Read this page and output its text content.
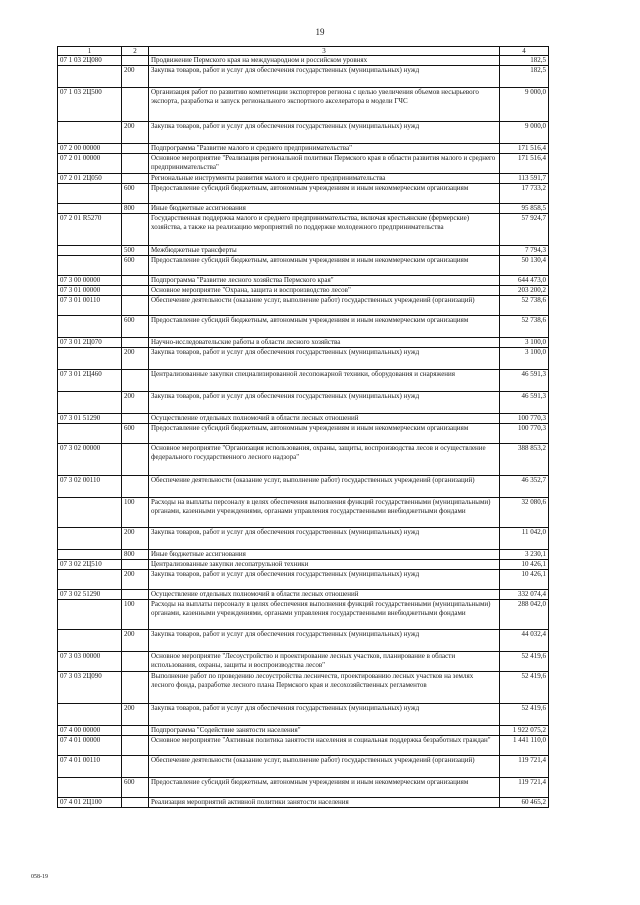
19
1	2	3	4
07 1 03 2Ц080		Продвижение Пермского края на международном и российском уровнях	182,5
	200	Закупка товаров, работ и услуг для обеспечения государственных (муниципальных) нужд	182,5
07 1 03 2Ц500		Организация работ по развитию компетенции экспортеров региона с целью увеличения объемов несырьевого экспорта, разработка и запуск регионального экспортного акселератора в модели ГЧС	9 000,0
	200	Закупка товаров, работ и услуг для обеспечения государственных (муниципальных) нужд	9 000,0
07 2 00 00000		Подпрограмма "Развитие малого и среднего предпринимательства"	171 516,4
07 2 01 00000		Основное мероприятие "Реализация региональной политики Пермского края в области развития малого и среднего предпринимательства"	171 516,4
07 2 01 2Ц050		Региональные инструменты развития малого и среднего предпринимательства	113 591,7
	600	Предоставление субсидий бюджетным, автономным учреждениям и иным некоммерческим организациям	17 733,2
	800	Иные бюджетные ассигнования	95 858,5
07 2 01 R5270		Государственная поддержка малого и среднего предпринимательства, включая крестьянские (фермерские) хозяйства, а также на реализацию мероприятий по поддержке молодежного предпринимательства	57 924,7
	500	Межбюджетные трансферты	7 794,3
	600	Предоставление субсидий бюджетным, автономным учреждениям и иным некоммерческим организациям	50 130,4
07 3 00 00000		Подпрограмма "Развитие лесного хозяйства Пермского края"	644 473,0
07 3 01 00000		Основное мероприятие "Охрана, защита и воспроизводство лесов"	203 200,2
07 3 01 00110		Обеспечение деятельности (оказание услуг, выполнение работ) государственных учреждений (организаций)	52 738,6
	600	Предоставление субсидий бюджетным, автономным учреждениям и иным некоммерческим организациям	52 738,6
07 3 01 2Ц070		Научно-исследовательские работы в области лесного хозяйства	3 100,0
	200	Закупка товаров, работ и услуг для обеспечения государственных (муниципальных) нужд	3 100,0
07 3 01 2Ц460		Централизованные закупки специализированной лесопожарной техники, оборудования и снаряжения	46 591,3
	200	Закупка товаров, работ и услуг для обеспечения государственных (муниципальных) нужд	46 591,3
07 3 01 51290		Осуществление отдельных полномочий в области лесных отношений	100 770,3
	600	Предоставление субсидий бюджетным, автономным учреждениям и иным некоммерческим организациям	100 770,3
07 3 02 00000		Основное мероприятие "Организация использования, охраны, защиты, воспроизводства лесов и осуществление федерального государственного лесного надзора"	388 853,2
07 3 02 00110		Обеспечение деятельности (оказание услуг, выполнение работ) государственных учреждений (организаций)	46 352,7
	100	Расходы на выплаты персоналу в целях обеспечения выполнения функций государственными (муниципальными) органами, казенными учреждениями, органами управления государственными внебюджетными фондами	32 080,6
	200	Закупка товаров, работ и услуг для обеспечения государственных (муниципальных) нужд	11 042,0
	800	Иные бюджетные ассигнования	3 230,1
07 3 02 2Ц510		Централизованные закупки лесопатрульной техники	10 426,1
	200	Закупка товаров, работ и услуг для обеспечения государственных (муниципальных) нужд	10 426,1
07 3 02 51290		Осуществление отдельных полномочий в области лесных отношений	332 074,4
	100	Расходы на выплаты персоналу в целях обеспечения выполнения функций государственными (муниципальными) органами, казенными учреждениями, органами управления государственными внебюджетными фондами	288 042,0
	200	Закупка товаров, работ и услуг для обеспечения государственных (муниципальных) нужд	44 032,4
07 3 03 00000		Основное мероприятие "Лесоустройство и проектирование лесных участков, планирование в области использования, охраны, защиты и воспроизводства лесов"	52 419,6
07 3 03 2Ц090		Выполнение работ по проведению лесоустройства лесничеств, проектированию лесных участков на землях лесного фонда, разработке лесного плана Пермского края и лесохозяйственных регламентов	52 419,6
	200	Закупка товаров, работ и услуг для обеспечения государственных (муниципальных) нужд	52 419,6
07 4 00 00000		Подпрограмма "Содействие занятости населения"	1 922 075,2
07 4 01 00000		Основное мероприятие "Активная политика занятости населения и социальная поддержка безработных граждан"	1 441 110,0
07 4 01 00110		Обеспечение деятельности (оказание услуг, выполнение работ) государственных учреждений (организаций)	119 721,4
	600	Предоставление субсидий бюджетным, автономным учреждениям и иным некоммерческим организациям	119 721,4
07 4 01 2Ц100		Реализация мероприятий активной политики занятости населения	60 465,2
058-19
